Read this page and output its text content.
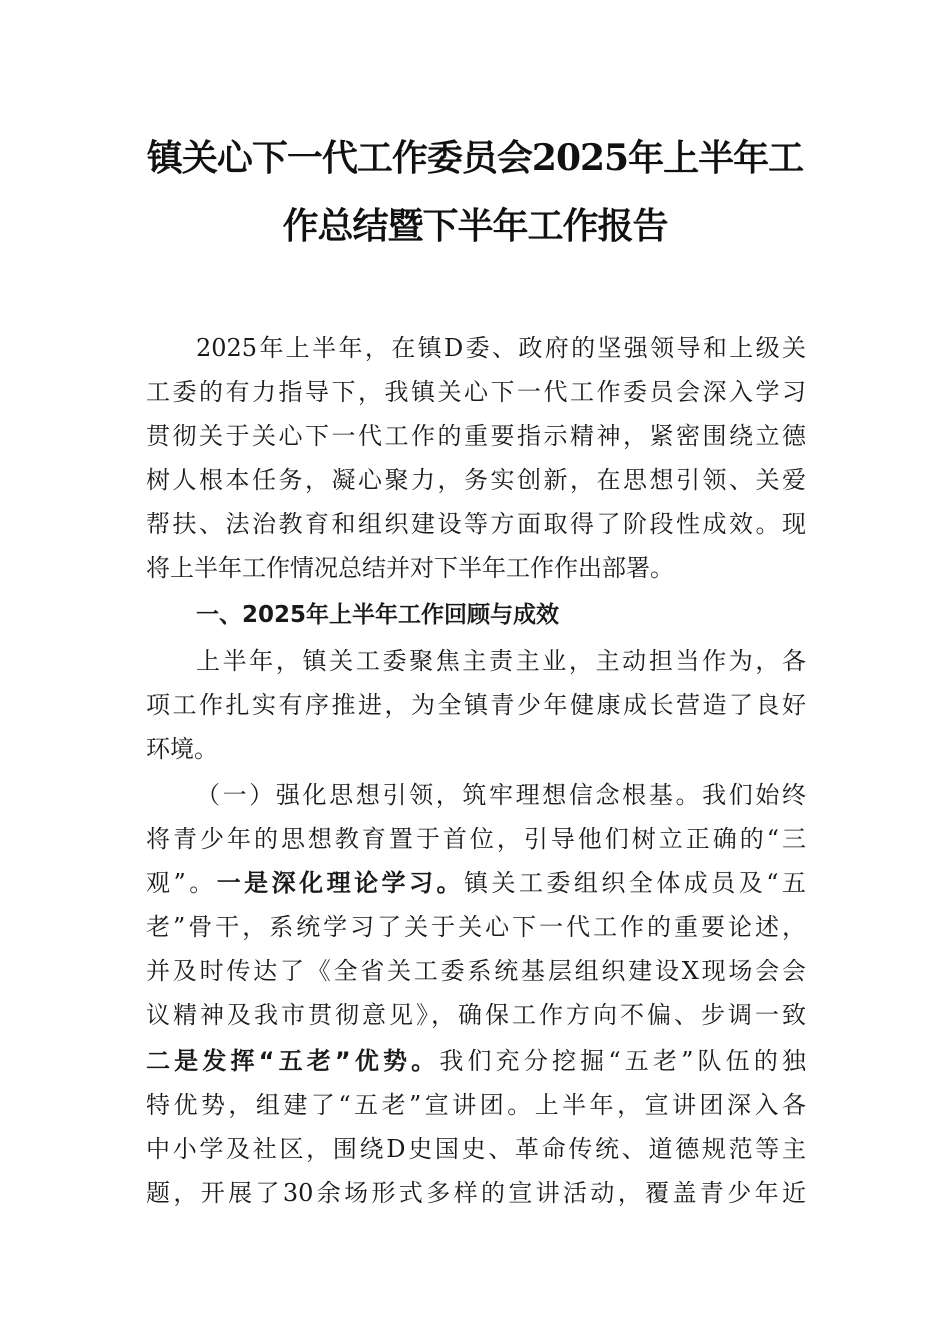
镇关心下一代工作委员会2025年上半年工
作总结暨下半年工作报告
2025年上半年，在镇D委、政府的坚强领导和上级关
工委的有力指导下，我镇关心下一代工作委员会深入学习
贯彻关于关心下一代工作的重要指示精神，紧密围绕立德
树人根本任务，凝心聚力，务实创新，在思想引领、关爱
帮扶、法治教育和组织建设等方面取得了阶段性成效。现
将上半年工作情况总结并对下半年工作作出部署。
一、2025年上半年工作回顾与成效
上半年，镇关工委聚焦主责主业，主动担当作为，各
项工作扎实有序推进，为全镇青少年健康成长营造了良好
环境。
（一）强化思想引领，筑牢理想信念根基。我们始终
将青少年的思想教育置于首位，引导他们树立正确的“三
观”。一是深化理论学习。镇关工委组织全体成员及“五
老”骨干，系统学习了关于关心下一代工作的重要论述，
并及时传达了《全省关工委系统基层组织建设X现场会会
议精神及我市贯彻意见》，确保工作方向不偏、步调一致
二是发挥“五老”优势。我们充分挖掘“五老”队伍的独
特优势，组建了“五老”宣讲团。上半年，宣讲团深入各
中小学及社区，围绕D史国史、革命传统、道德规范等主
题，开展了30余场形式多样的宣讲活动，覆盖青少年近
